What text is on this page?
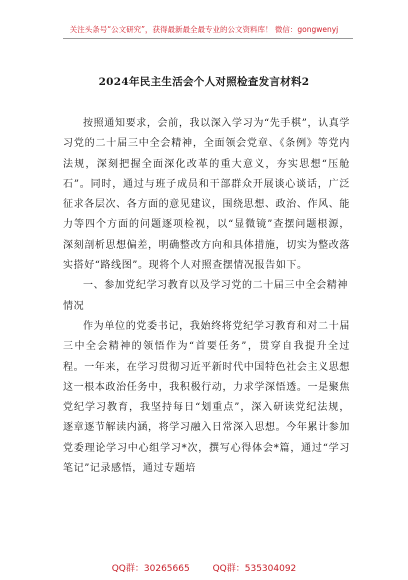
关注头条号“公文研究”，获得最新最全最专业的公文资料库！ 微信：gongwenyj
2024年民主生活会个人对照检查发言材料2

按照通知要求，会前，我以深入学习为“先手棋”，认真学习党的二十届三中全会精神，全面领会党章、《条例》等党内法规，深刻把握全面深化改革的重大意义，夯实思想“压舱石”。同时，通过与班子成员和干部群众开展谈心谈话，广泛征求各层次、各方面的意见建议，围绕思想、政治、作风、能力等四个方面的问题逐项检视，以“显微镜”查摆问题根源，深刻剖析思想偏差，明确整改方向和具体措施，切实为整改落实搭好“路线图”。现将个人对照查摆情况报告如下。

一、参加党纪学习教育以及学习党的二十届三中全会精神情况

作为单位的党委书记，我始终将党纪学习教育和对二十届三中全会精神的领悟作为“首要任务”，贯穿自我提升全过程。一年来，在学习贯彻习近平新时代中国特色社会主义思想这一根本政治任务中，我积极行动，力求学深悟透。一是聚焦党纪学习教育，我坚持每日“划重点”，深入研读党纪法规，逐章逐节解读内涵，将学习融入日常深入思想。今年累计参加党委理论学习中心组学习*次，撰写心得体会*篇，通过“学习笔记”记录感悟，通过专题培

QQ群：30265665	QQ群：535304092
